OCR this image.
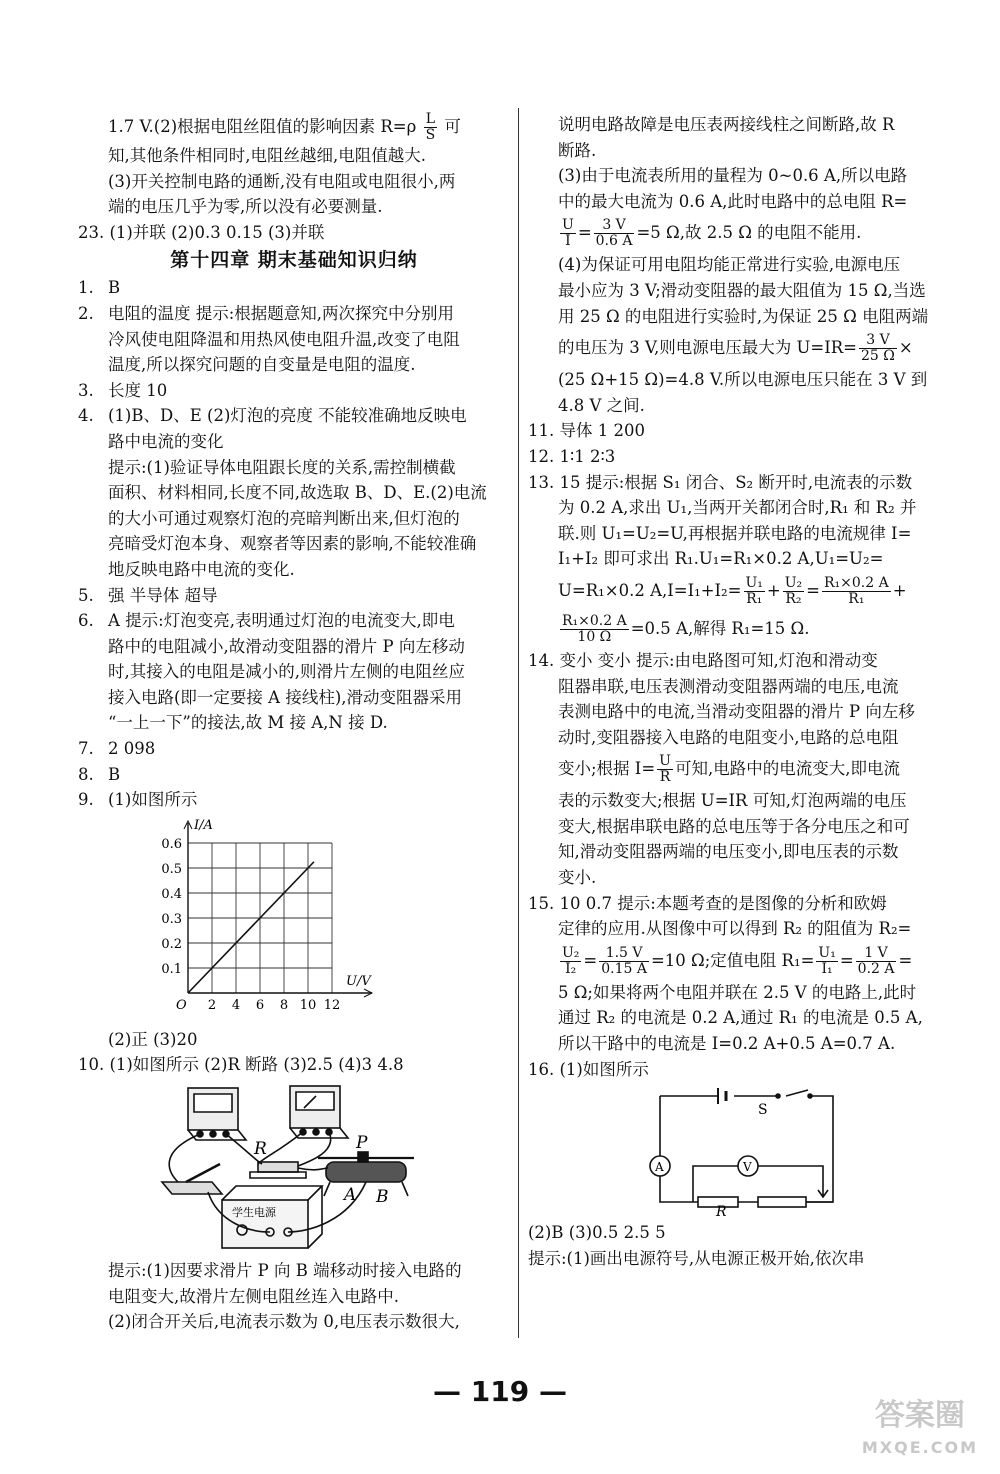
1.7 V.(2)根据电阻丝阻值的影响因素 $R=\rho \frac{L}{S}$ 可

知,其他条件相同时,电阻丝越细,电阻值越大.

(3)开关控制电路的通断,没有电阻或电阻很小,两

端的电压几乎为零,所以没有必要测量.

23. (1)并联 (2)0.3 0.15 (3)并联

第十四章 期末基础知识归纳

1. B

2. 电阻的温度 提示:根据题意知,两次探究中分别用

冷风使电阻降温和用热风使电阻升温,改变了电阻

温度,所以探究问题的自变量是电阻的温度.

3. 长度 10

4. (1)B、D、E (2)灯泡的亮度 不能较准确地反映电

路中电流的变化

提示:(1)验证导体电阻跟长度的关系,需控制横截

面积、材料相同,长度不同,故选取 B、D、E.(2)电流

的大小可通过观察灯泡的亮暗判断出来,但灯泡的

亮暗受灯泡本身、观察者等因素的影响,不能较准确

地反映电路中电流的变化.

5. 强 半导体 超导

6. A 提示:灯泡变亮,表明通过灯泡的电流变大,即电

路中的电阻减小,故滑动变阻器的滑片 P 向左移动

时,其接入的电阻是减小的,则滑片左侧的电阻丝应

接入电路(即一定要接 A 接线柱),滑动变阻器采用

“一上一下”的接法,故 M 接 A,N 接 D.

7. 2 098

8. B

9. (1)如图所示

2 4 6 8 10 12
0.1
0.2
0.3
0.4
0.5
0.6
O
I/A
U/V

(2)正 (3)20

10. (1)如图所示 (2)R 断路 (3)2.5 (4)3 4.8

R	P
A B
学生电源

提示:(1)因要求滑片 P 向 B 端移动时接入电路的

电阻变大,故滑片左侧电阻丝连入电路中.

(2)闭合开关后,电流表示数为 0,电压表示数很大,

说明电路故障是电压表两接线柱之间断路,故 R

断路.

(3)由于电流表所用的量程为 0~0.6 A,所以电路

中的最大电流为 0.6 A,此时电路中的总电阻 R=

$\frac{U}{I} = \frac{3 V}{0.6 A} =5$ Ω,故 2.5 Ω 的电阻不能用.

(4)为保证可用电阻均能正常进行实验,电源电压

最小应为 3 V;滑动变阻器的最大阻值为 15 Ω,当选

用 25 Ω 的电阻进行实验时,为保证 25 Ω 电阻两端

的电压为 3 V,则电源电压最大为 $U=IR= \frac{3 V}{25 \Omega}$ ×

(25 Ω+15 Ω)=4.8 V.所以电源电压只能在 3 V 到

4.8 V 之间.

11. 导体 1 200

12. 1∶1 2∶3

13. 15 提示:根据 S₁ 闭合、S₂ 断开时,电流表的示数

为 0.2 A,求出 U₁,当两开关都闭合时,R₁ 和 R₂ 并

联.则 U₁=U₂=U,再根据并联电路的电流规律 I=

I₁+I₂ 即可求出 R₁.U₁=R₁×0.2 A,U₁=U₂=

U=R₁×0.2 $A,I=I_1+I_2= \frac{\text{U₁}}{\text{R₁}} + \frac{\text{U₂}}{\text{R₂}} = \frac{\text{R₁×0.2 A}}{\text{R₁}}$ +

$\frac{\text{R₁×0.2 A}}{10 \Omega} =0.5$ A,解得 R₁=15 Ω.

14. 变小 变小 提示:由电路图可知,灯泡和滑动变

阻器串联,电压表测滑动变阻器两端的电压,电流

表测电路中的电流,当滑动变阻器的滑片 P 向左移

动时,变阻器接入电路的电阻变小,电路的总电阻

变小;根据 $I= \frac{U}{R}$ 可知,电路中的电流变大,即电流

表的示数变大;根据 U=IR 可知,灯泡两端的电压

变大,根据串联电路的总电压等于各分电压之和可

知,滑动变阻器两端的电压变小,即电压表的示数

变小.

15. 10 0.7 提示:本题考查的是图像的分析和欧姆

定律的应用.从图像中可以得到 R₂ 的阻值为 R₂=

$\frac{\text{U₂}}{\text{I₂}} = \frac{1.5 V}{0.15 A} =10$ Ω;定值电阻 $R_1= \frac{\text{U₁}}{\text{I₁}} = \frac{1 V}{0.2 A}$ =

5 Ω;如果将两个电阻并联在 2.5 V 的电路上,此时

通过 R₂ 的电流是 0.2 A,通过 R₁ 的电流是 0.5 A,

所以干路中的电流是 I=0.2 A+0.5 A=0.7 A.

16. (1)如图所示

S
A	V
R

(2)B (3)0.5 2.5 5

提示:(1)画出电源符号,从电源正极开始,依次串

— 119 —
答案圈
MXQE.COM
